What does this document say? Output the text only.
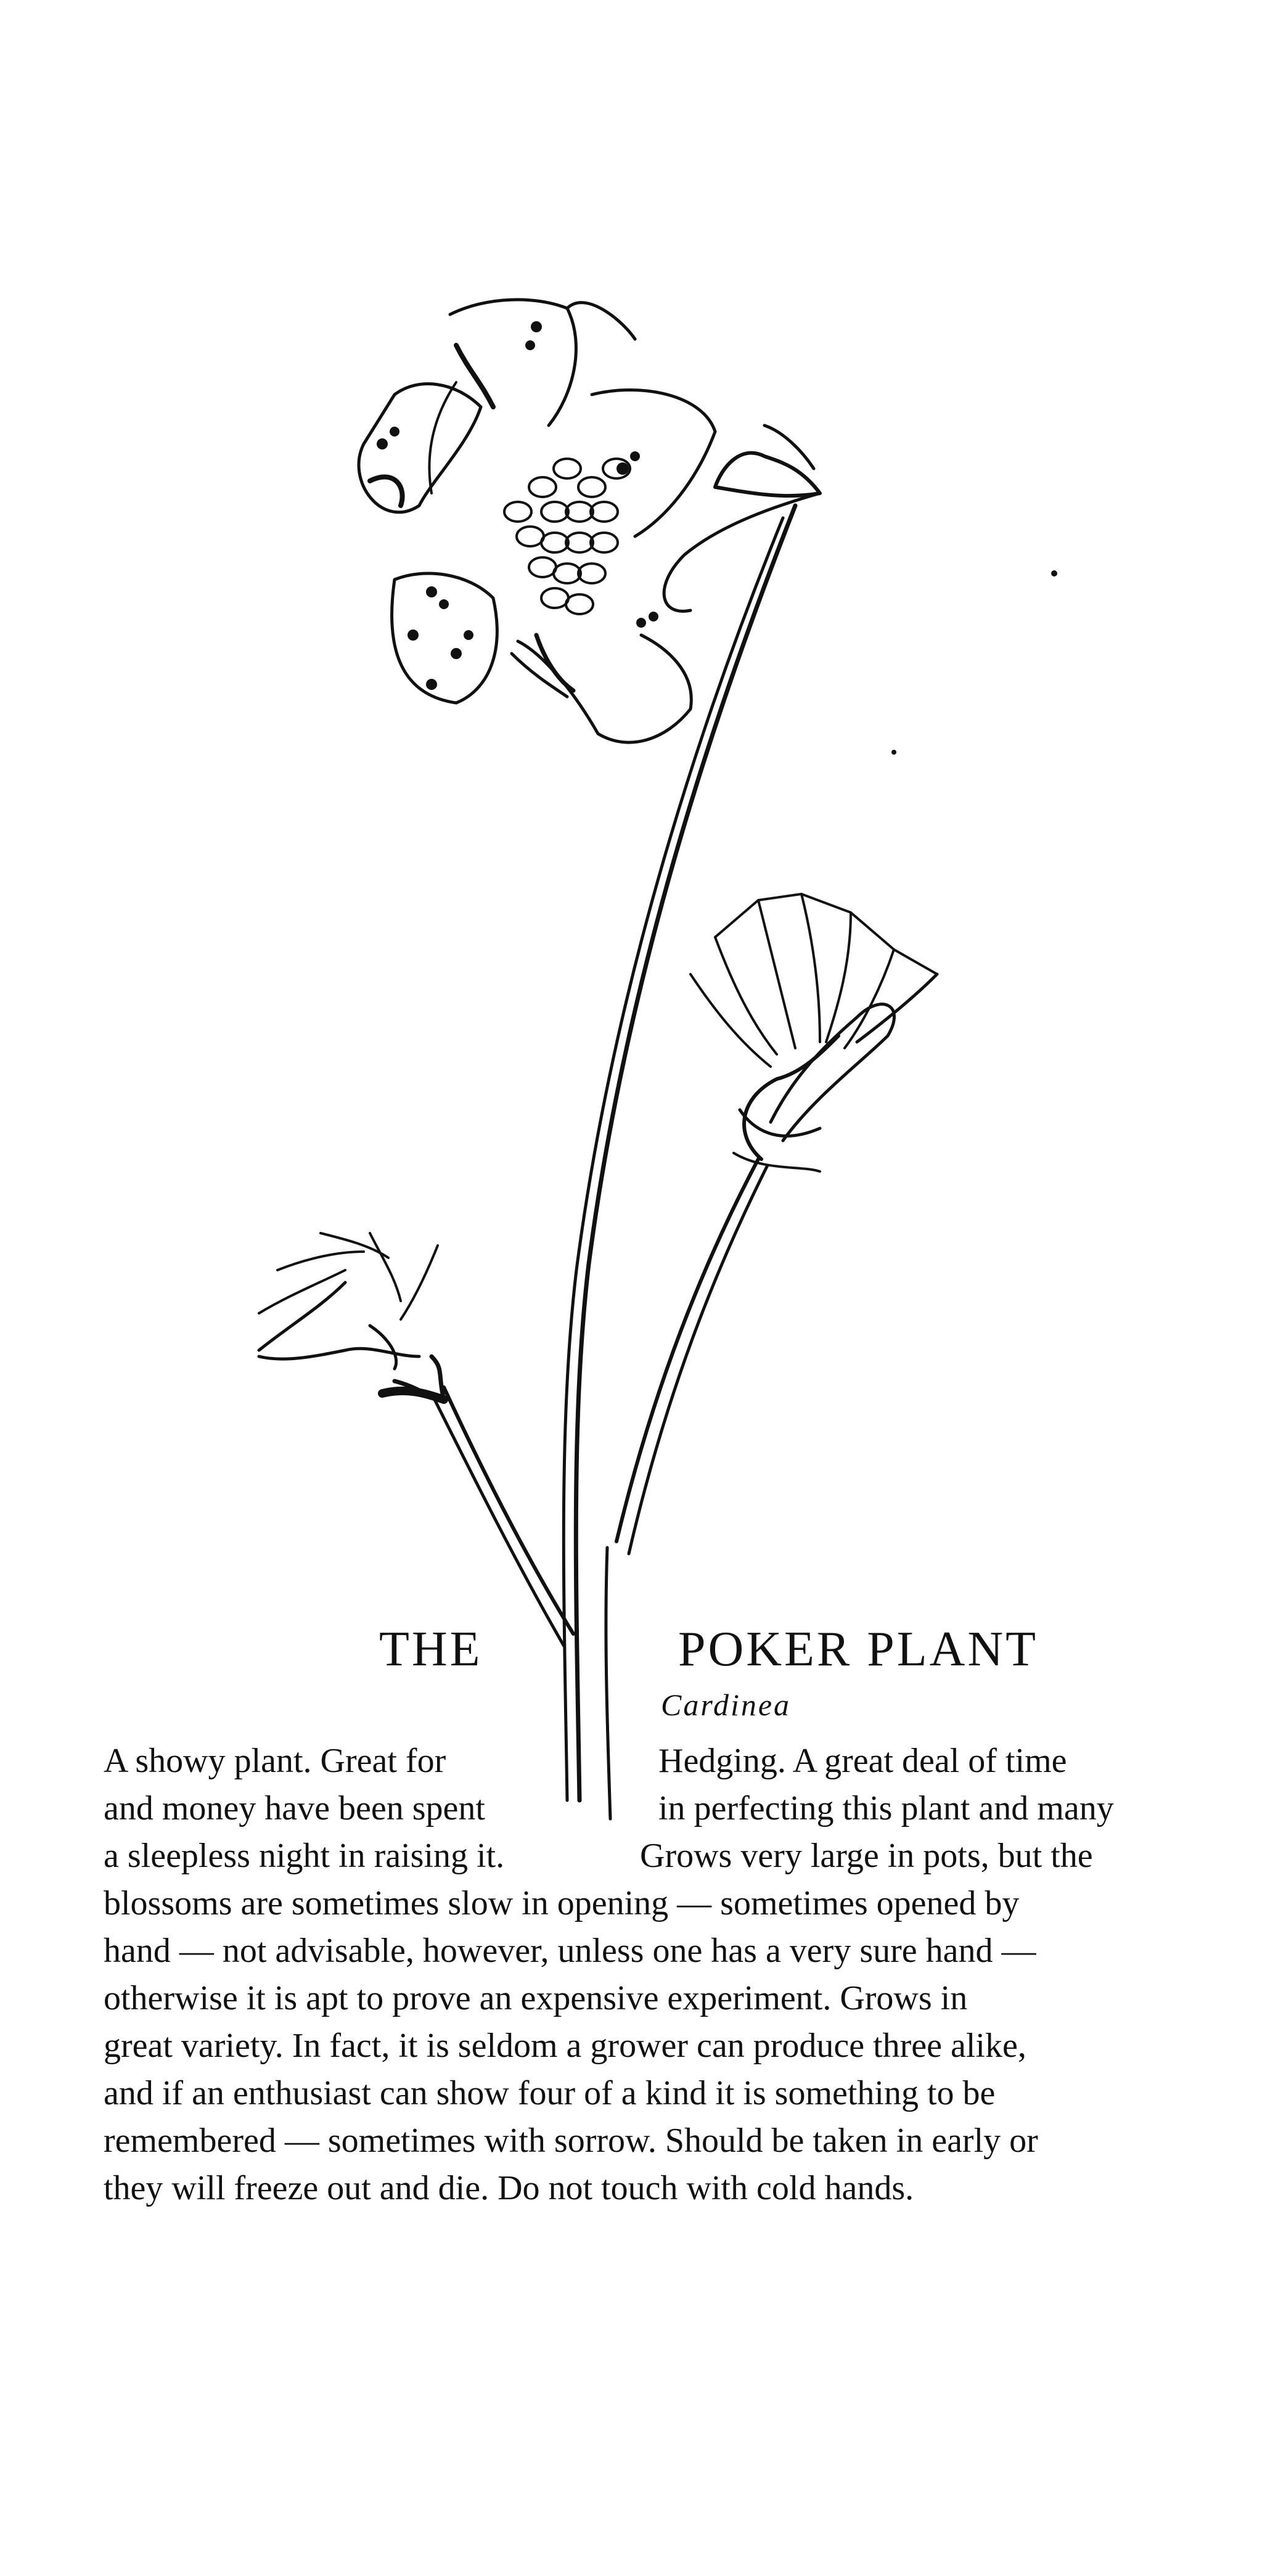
THE	POKER PLANT
Cardinea
A showy plant. Great for	Hedging. A great deal of time
and money have been spent	in perfecting this plant and many
a sleepless night in raising it.	Grows very large in pots, but the
blossoms are sometimes slow in opening — sometimes opened by
hand — not advisable, however, unless one has a very sure hand —
otherwise it is apt to prove an expensive experiment. Grows in
great variety. In fact, it is seldom a grower can produce three alike,
and if an enthusiast can show four of a kind it is something to be
remembered — sometimes with sorrow. Should be taken in early or
they will freeze out and die. Do not touch with cold hands.
